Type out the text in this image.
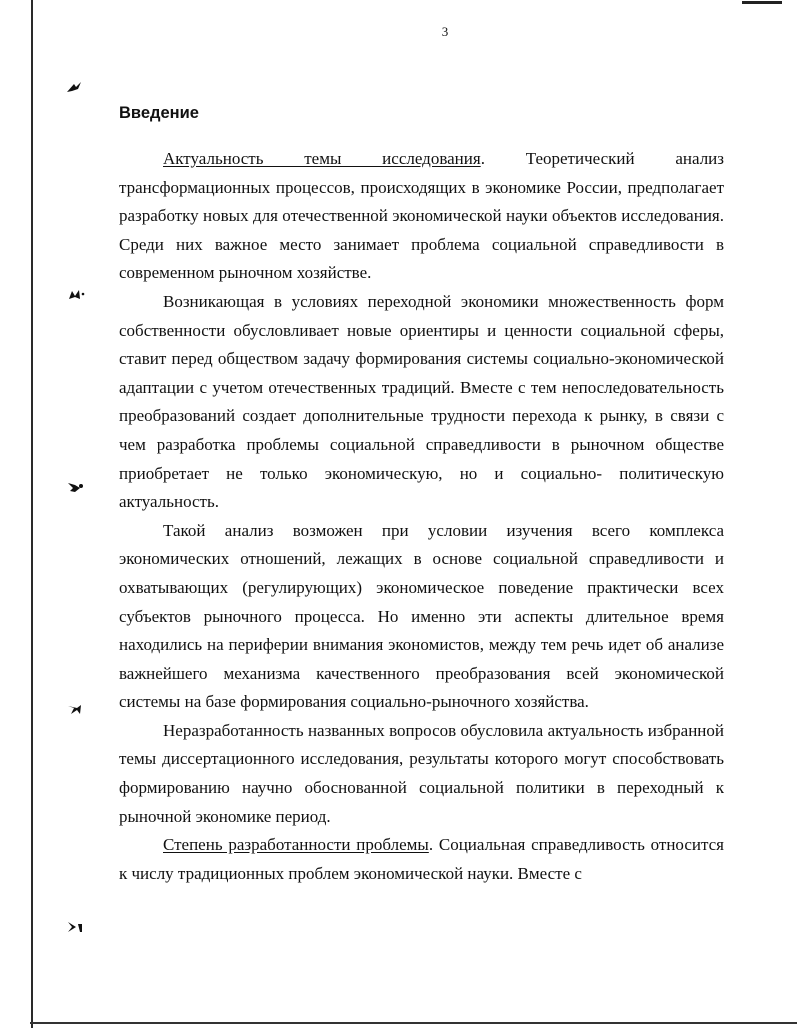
3
Введение

Актуальность темы исследования. Теоретический анализ трансформационных процессов, происходящих в экономике России, предполагает разработку новых для отечественной экономической науки объектов исследования. Среди них важное место занимает проблема социальной справедливости в современном рыночном хозяйстве.

Возникающая в условиях переходной экономики множественность форм собственности обусловливает новые ориентиры и ценности социальной сферы, ставит перед обществом задачу формирования системы социально-экономической адаптации с учетом отечественных традиций. Вместе с тем непоследовательность преобразований создает дополнительные трудности перехода к рынку, в связи с чем разработка проблемы социальной справедливости в рыночном обществе приобретает не только экономическую, но и социально- политическую актуальность.

Такой анализ возможен при условии изучения всего комплекса экономических отношений, лежащих в основе социальной справедливости и охватывающих (регулирующих) экономическое поведение практически всех субъектов рыночного процесса. Но именно эти аспекты длительное время находились на периферии внимания экономистов, между тем речь идет об анализе важнейшего механизма качественного преобразования всей экономической системы на базе формирования социально-рыночного хозяйства.

Неразработанность названных вопросов обусловила актуальность избранной темы диссертационного исследования, результаты которого могут способствовать формированию научно обоснованной социальной политики в переходный к рыночной экономике период.

Степень разработанности проблемы. Социальная справедливость относится к числу традиционных проблем экономической науки. Вместе с
